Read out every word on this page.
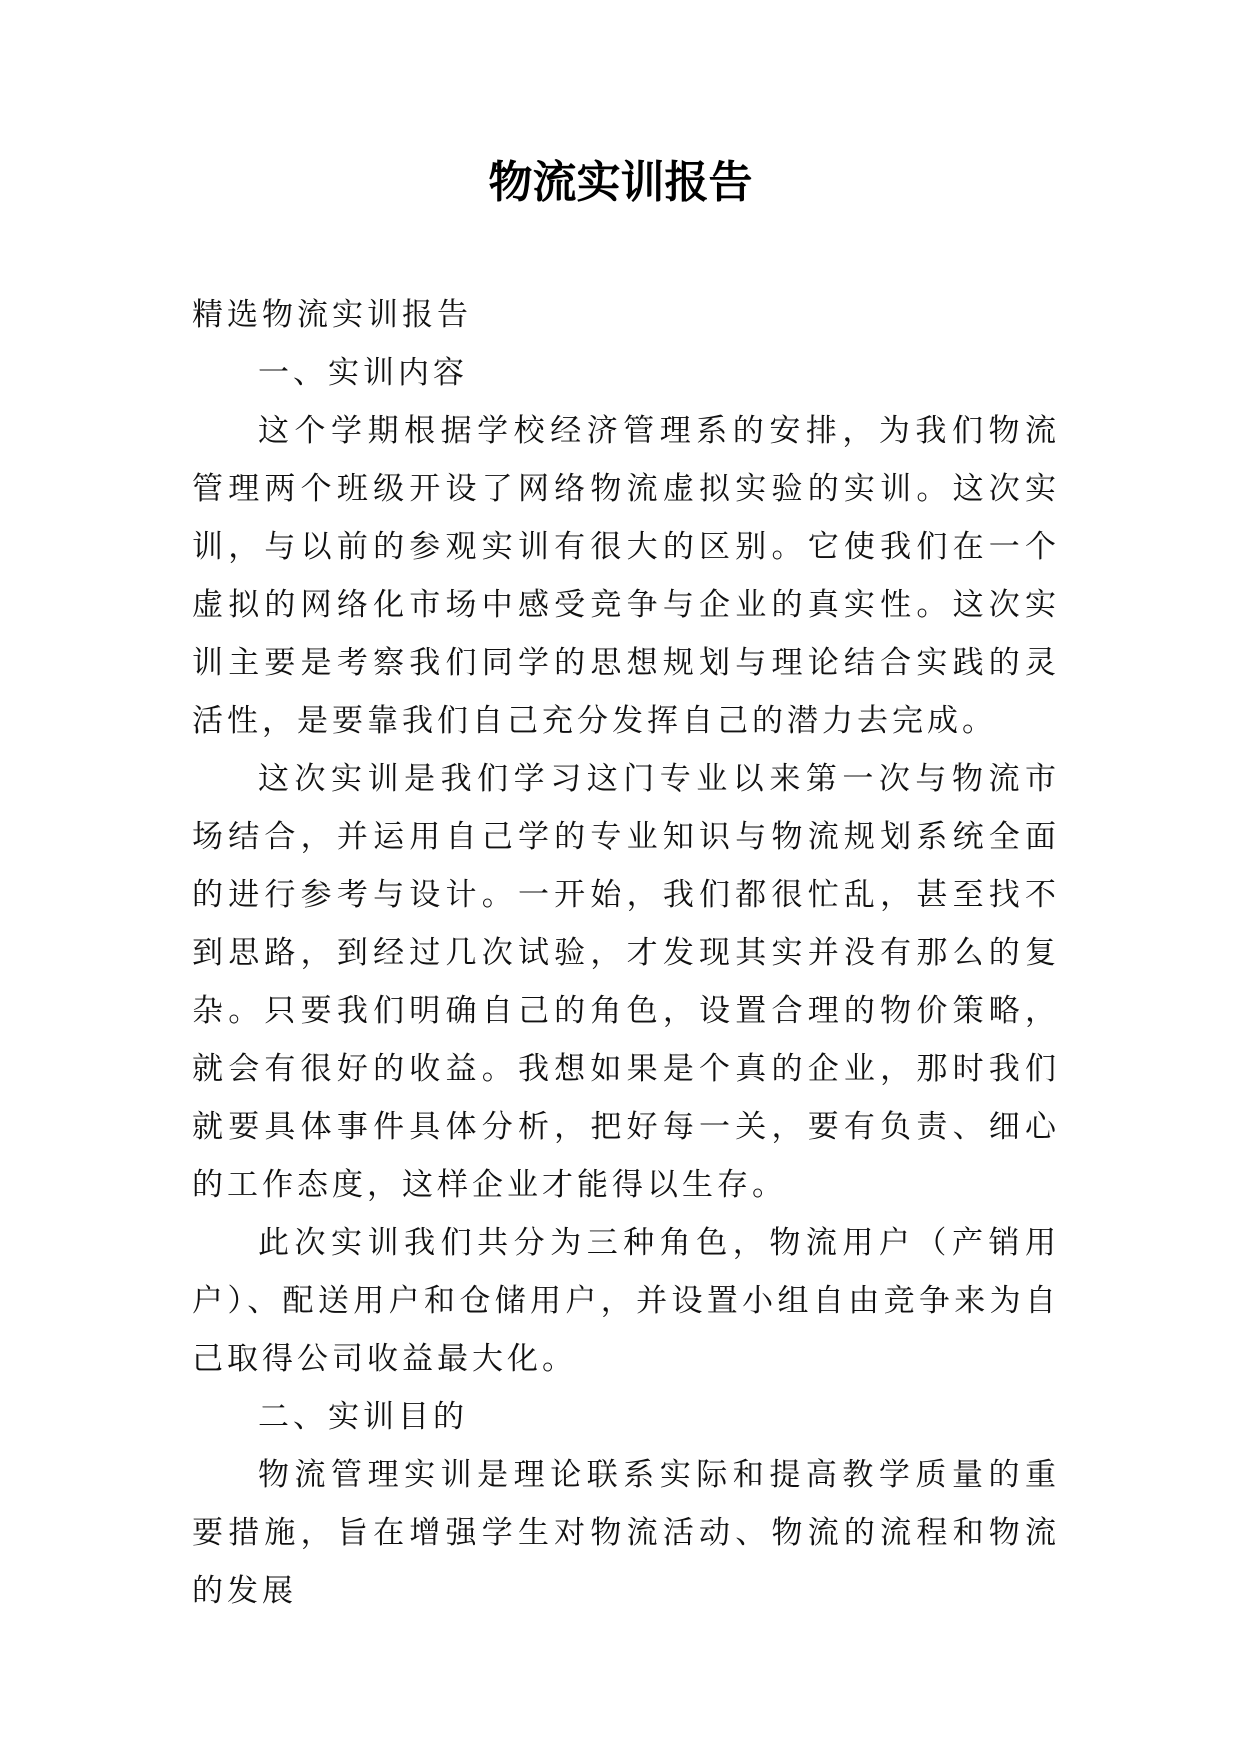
物流实训报告

精选物流实训报告

一、实训内容

这个学期根据学校经济管理系的安排，为我们物流管理两个班级开设了网络物流虚拟实验的实训。这次实训，与以前的参观实训有很大的区别。它使我们在一个虚拟的网络化市场中感受竞争与企业的真实性。这次实训主要是考察我们同学的思想规划与理论结合实践的灵活性，是要靠我们自己充分发挥自己的潜力去完成。

这次实训是我们学习这门专业以来第一次与物流市场结合，并运用自己学的专业知识与物流规划系统全面的进行参考与设计。一开始，我们都很忙乱，甚至找不到思路，到经过几次试验，才发现其实并没有那么的复杂。只要我们明确自己的角色，设置合理的物价策略，就会有很好的收益。我想如果是个真的企业，那时我们就要具体事件具体分析，把好每一关，要有负责、细心的工作态度，这样企业才能得以生存。

此次实训我们共分为三种角色，物流用户（产销用户）、配送用户和仓储用户，并设置小组自由竞争来为自己取得公司收益最大化。

二、实训目的

物流管理实训是理论联系实际和提高教学质量的重要措施，旨在增强学生对物流活动、物流的流程和物流的发展
